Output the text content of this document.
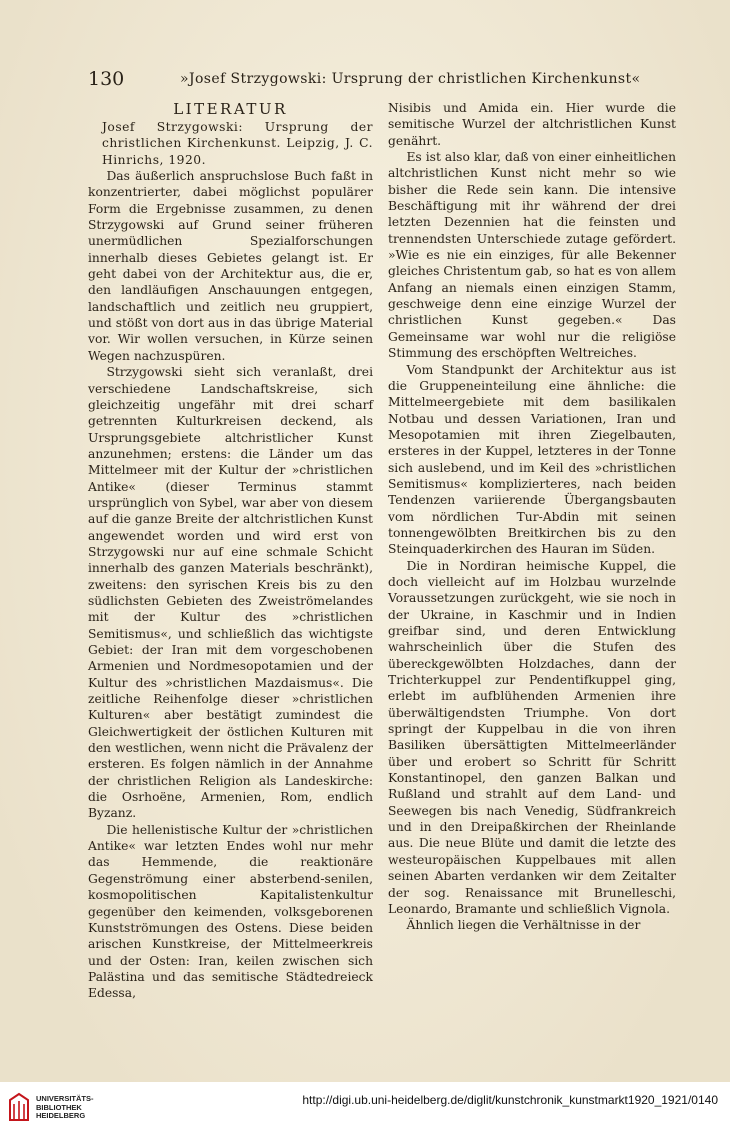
130	»Josef Strzygowski: Ursprung der christlichen Kirchenkunst«
LITERATUR

Josef Strzygowski: Ursprung der christlichen Kirchenkunst. Leipzig, J. C. Hinrichs, 1920.

Das äußerlich anspruchslose Buch faßt in konzentrierter, dabei möglichst populärer Form die Ergebnisse zusammen, zu denen Strzygowski auf Grund seiner früheren unermüdlichen Spezialforschungen innerhalb dieses Gebietes gelangt ist. Er geht dabei von der Architektur aus, die er, den landläufigen Anschauungen entgegen, landschaftlich und zeitlich neu gruppiert, und stößt von dort aus in das übrige Material vor. Wir wollen versuchen, in Kürze seinen Wegen nachzuspüren.

Strzygowski sieht sich veranlaßt, drei verschiedene Landschaftskreise, sich gleichzeitig ungefähr mit drei scharf getrennten Kulturkreisen deckend, als Ursprungsgebiete altchristlicher Kunst anzunehmen; erstens: die Länder um das Mittelmeer mit der Kultur der »christlichen Antike« (dieser Terminus stammt ursprünglich von Sybel, war aber von diesem auf die ganze Breite der altchristlichen Kunst angewendet worden und wird erst von Strzygowski nur auf eine schmale Schicht innerhalb des ganzen Materials beschränkt), zweitens: den syrischen Kreis bis zu den südlichsten Gebieten des Zweiströmelandes mit der Kultur des »christlichen Semitismus«, und schließlich das wichtigste Gebiet: der Iran mit dem vorgeschobenen Armenien und Nordmesopotamien und der Kultur des »christlichen Mazdaismus«. Die zeitliche Reihenfolge dieser »christlichen Kulturen« aber bestätigt zumindest die Gleichwertigkeit der östlichen Kulturen mit den westlichen, wenn nicht die Prävalenz der ersteren. Es folgen nämlich in der Annahme der christlichen Religion als Landeskirche: die Osrhoëne, Armenien, Rom, endlich Byzanz.

Die hellenistische Kultur der »christlichen Antike« war letzten Endes wohl nur mehr das Hemmende, die reaktionäre Gegenströmung einer absterbend-senilen, kosmopolitischen Kapitalistenkultur gegenüber den keimenden, volksgeborenen Kunstströmungen des Ostens. Diese beiden arischen Kunstkreise, der Mittelmeerkreis und der Osten: Iran, keilen zwischen sich Palästina und das semitische Städtedreieck Edessa,

Nisibis und Amida ein. Hier wurde die semitische Wurzel der altchristlichen Kunst genährt.

Es ist also klar, daß von einer einheitlichen altchristlichen Kunst nicht mehr so wie bisher die Rede sein kann. Die intensive Beschäftigung mit ihr während der drei letzten Dezennien hat die feinsten und trennendsten Unterschiede zutage gefördert. »Wie es nie ein einziges, für alle Bekenner gleiches Christentum gab, so hat es von allem Anfang an niemals einen einzigen Stamm, geschweige denn eine einzige Wurzel der christlichen Kunst gegeben.« Das Gemeinsame war wohl nur die religiöse Stimmung des erschöpften Weltreiches.

Vom Standpunkt der Architektur aus ist die Gruppeneinteilung eine ähnliche: die Mittelmeergebiete mit dem basilikalen Notbau und dessen Variationen, Iran und Mesopotamien mit ihren Ziegelbauten, ersteres in der Kuppel, letzteres in der Tonne sich auslebend, und im Keil des »christlichen Semitismus« komplizierteres, nach beiden Tendenzen variierende Übergangsbauten vom nördlichen Tur-Abdin mit seinen tonnengewölbten Breitkirchen bis zu den Steinquaderkirchen des Hauran im Süden.

Die in Nordiran heimische Kuppel, die doch vielleicht auf im Holzbau wurzelnde Voraussetzungen zurückgeht, wie sie noch in der Ukraine, in Kaschmir und in Indien greifbar sind, und deren Entwicklung wahrscheinlich über die Stufen des übereckgewölbten Holzdaches, dann der Trichterkuppel zur Pendentifkuppel ging, erlebt im aufblühenden Armenien ihre überwältigendsten Triumphe. Von dort springt der Kuppelbau in die von ihren Basiliken übersättigten Mittelmeerländer über und erobert so Schritt für Schritt Konstantinopel, den ganzen Balkan und Rußland und strahlt auf dem Land- und Seewegen bis nach Venedig, Südfrankreich und in den Dreipaßkirchen der Rheinlande aus. Die neue Blüte und damit die letzte des westeuropäischen Kuppelbaues mit allen seinen Abarten verdanken wir dem Zeitalter der sog. Renaissance mit Brunelleschi, Leonardo, Bramante und schließlich Vignola.

Ähnlich liegen die Verhältnisse in der

UNIVERSITÄTS-
BIBLIOTHEK
HEIDELBERG
http://digi.ub.uni-heidelberg.de/diglit/kunstchronik_kunstmarkt1920_1921/0140
